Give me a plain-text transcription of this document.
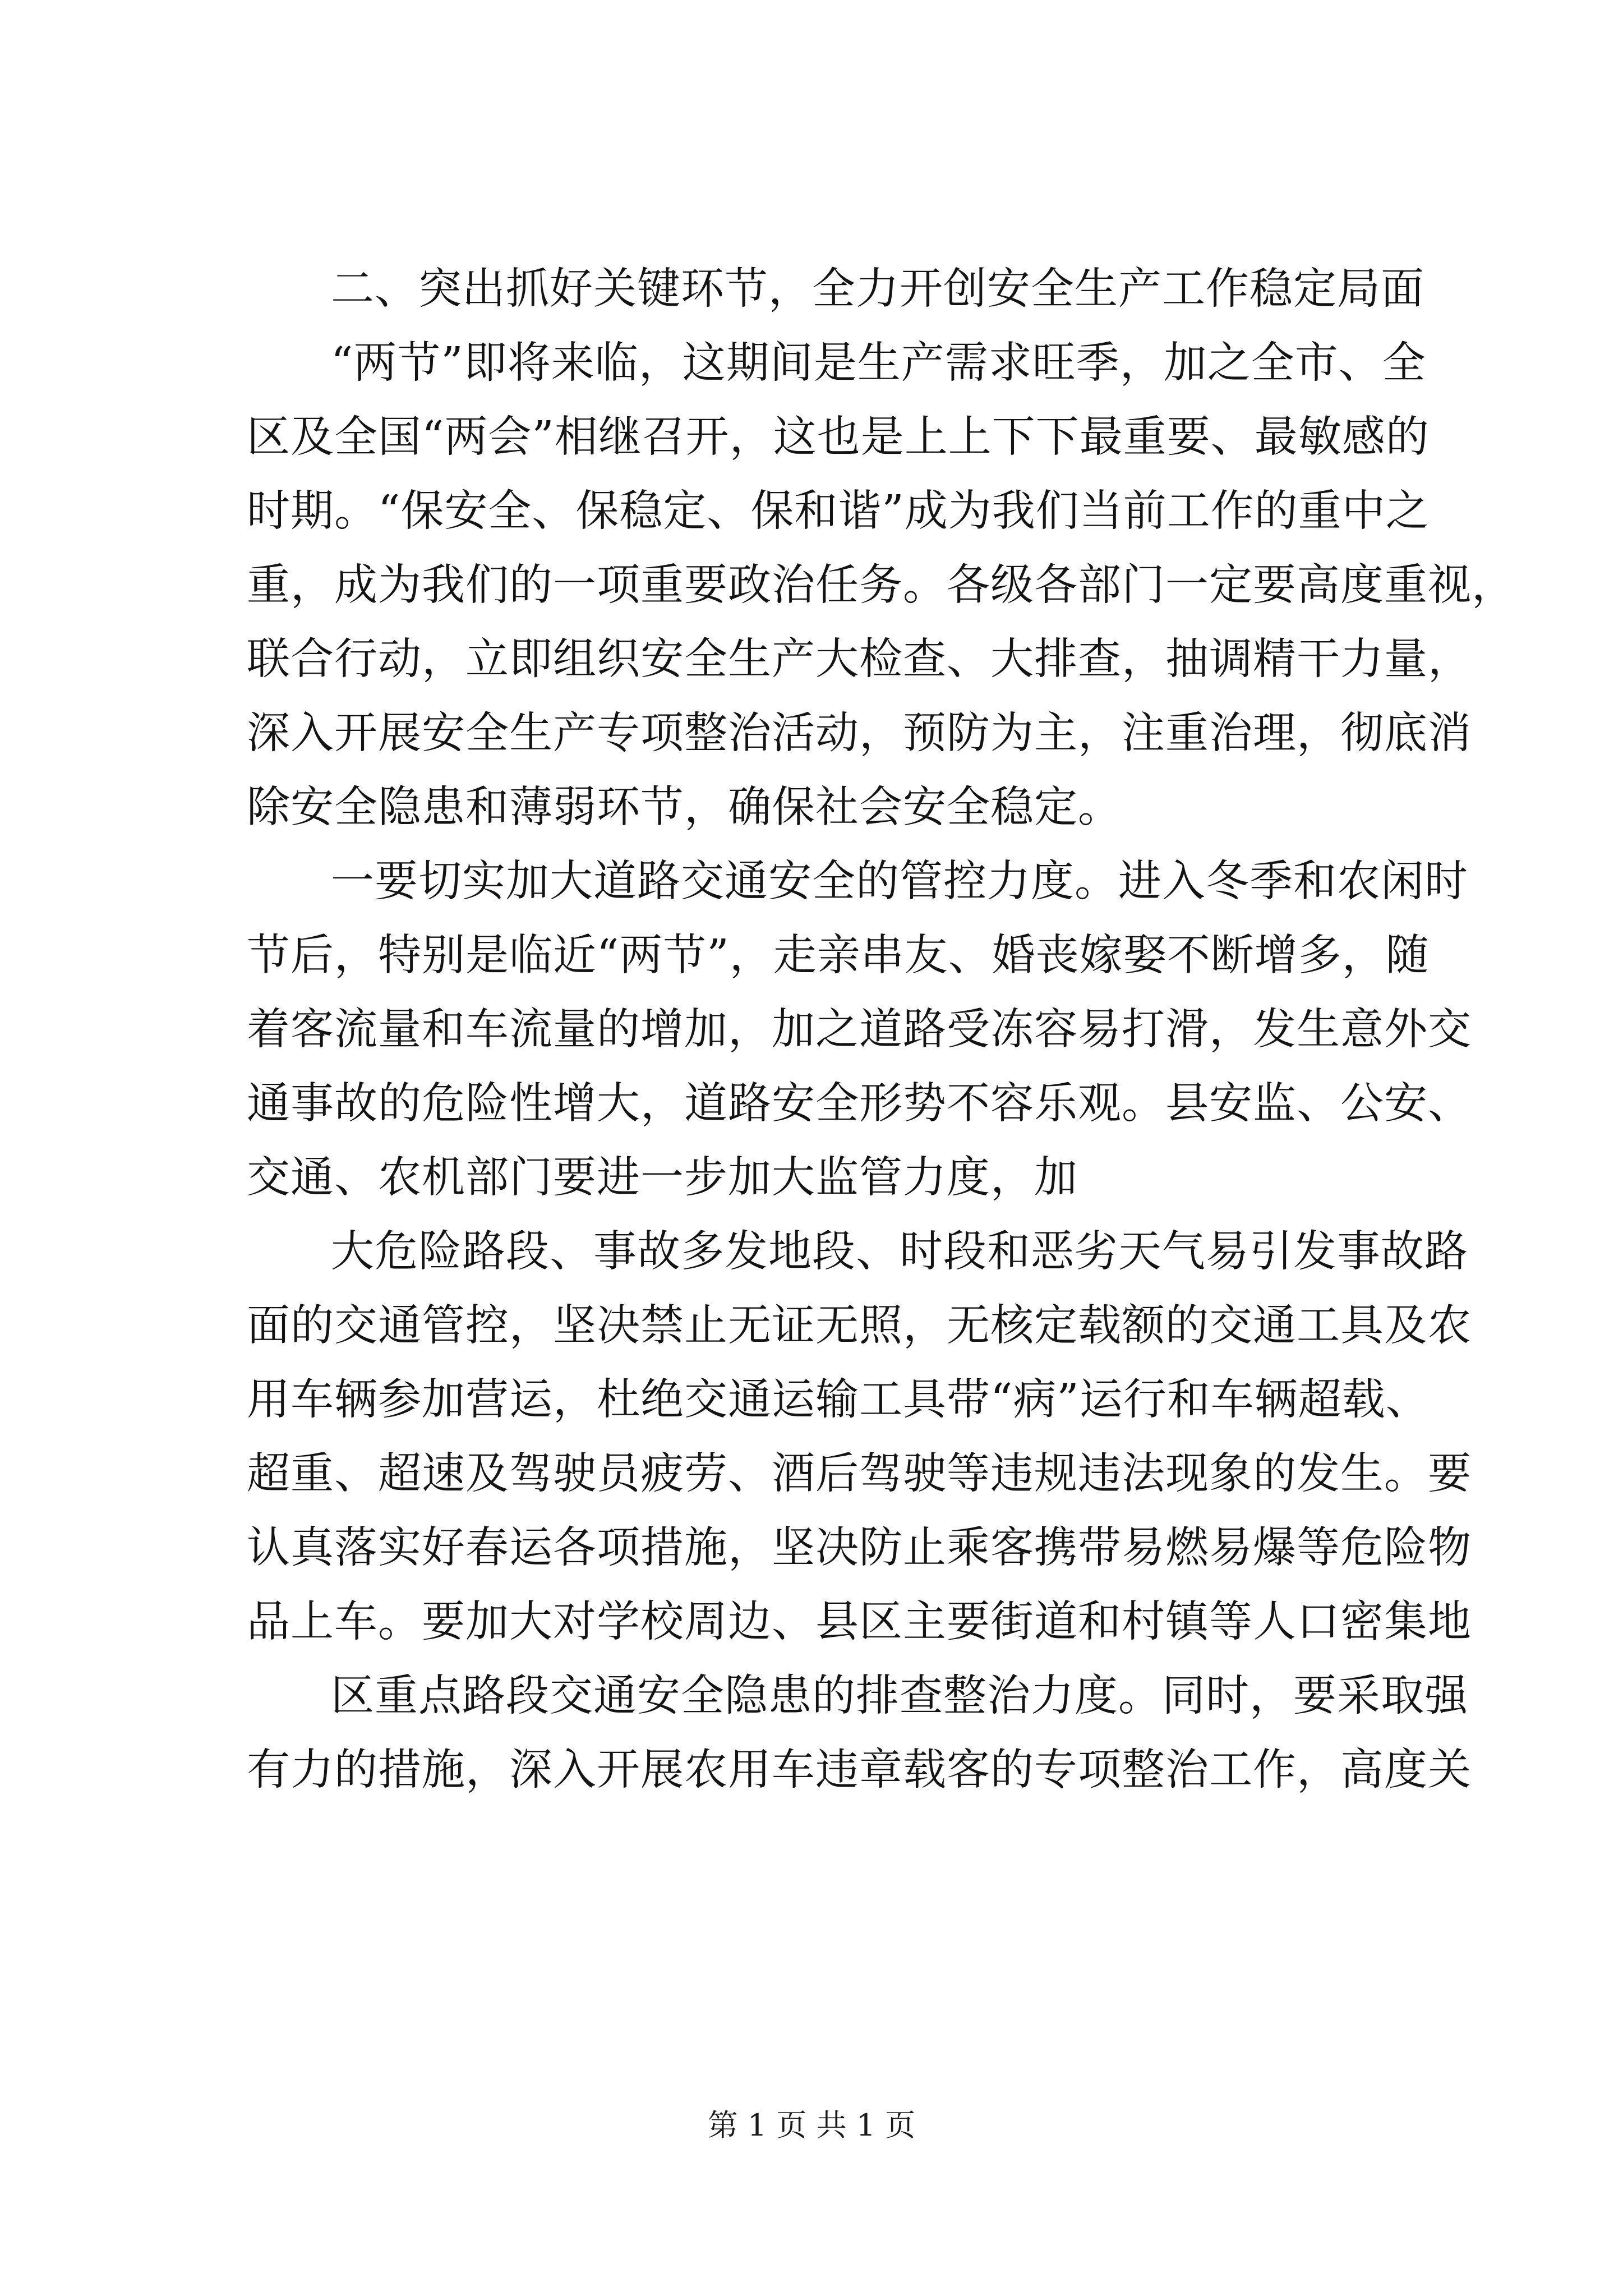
二、突出抓好关键环节，全力开创安全生产工作稳定局面
“两节”即将来临，这期间是生产需求旺季，加之全市、全
区及全国“两会”相继召开，这也是上上下下最重要、最敏感的
时期。“保安全、保稳定、保和谐”成为我们当前工作的重中之
重，成为我们的一项重要政治任务。各级各部门一定要高度重视，
联合行动，立即组织安全生产大检查、大排查，抽调精干力量，
深入开展安全生产专项整治活动，预防为主，注重治理，彻底消
除安全隐患和薄弱环节，确保社会安全稳定。
一要切实加大道路交通安全的管控力度。进入冬季和农闲时
节后，特别是临近“两节”，走亲串友、婚丧嫁娶不断增多，随
着客流量和车流量的增加，加之道路受冻容易打滑，发生意外交
通事故的危险性增大，道路安全形势不容乐观。县安监、公安、
交通、农机部门要进一步加大监管力度，加
大危险路段、事故多发地段、时段和恶劣天气易引发事故路
面的交通管控，坚决禁止无证无照，无核定载额的交通工具及农
用车辆参加营运，杜绝交通运输工具带“病”运行和车辆超载、
超重、超速及驾驶员疲劳、酒后驾驶等违规违法现象的发生。要
认真落实好春运各项措施，坚决防止乘客携带易燃易爆等危险物
品上车。要加大对学校周边、县区主要街道和村镇等人口密集地
区重点路段交通安全隐患的排查整治力度。同时，要采取强
有力的措施，深入开展农用车违章载客的专项整治工作，高度关
第 1 页 共 1 页
